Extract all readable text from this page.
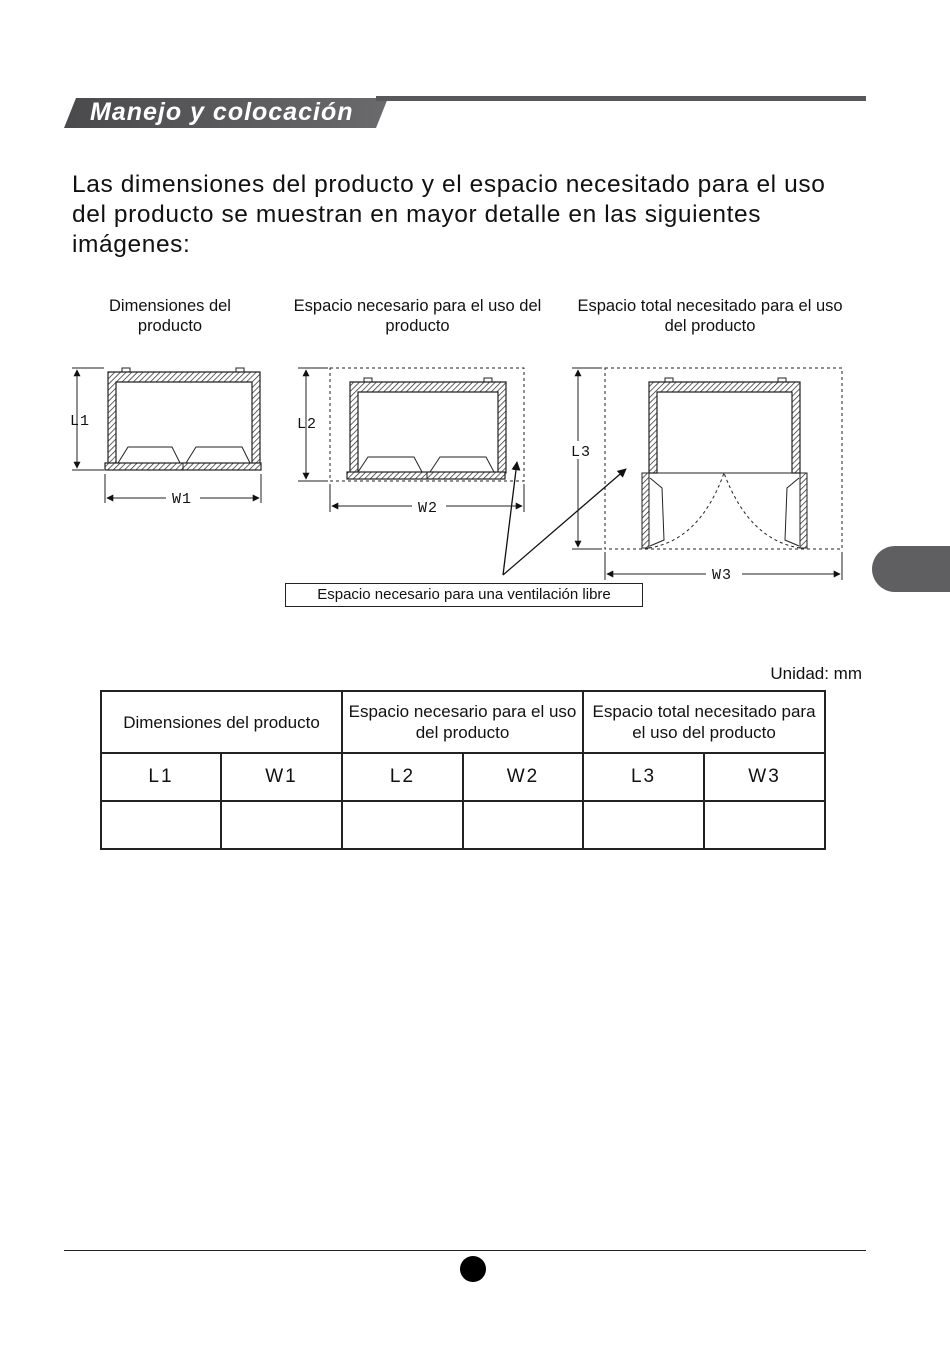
Manejo y colocación
Las dimensiones del producto y el espacio necesitado para el uso del producto se muestran en mayor detalle en las siguientes imágenes:
Dimensiones del producto
Espacio necesario para el uso del producto
Espacio total necesitado para el uso del producto
L1
W1
L2
W2
L3
W3
Espacio necesario para una ventilación libre
Unidad: mm
Dimensiones del producto		Espacio necesario para el uso del producto		Espacio total necesitado para el uso del producto	
L1	W1	L2	W2	L3	W3
